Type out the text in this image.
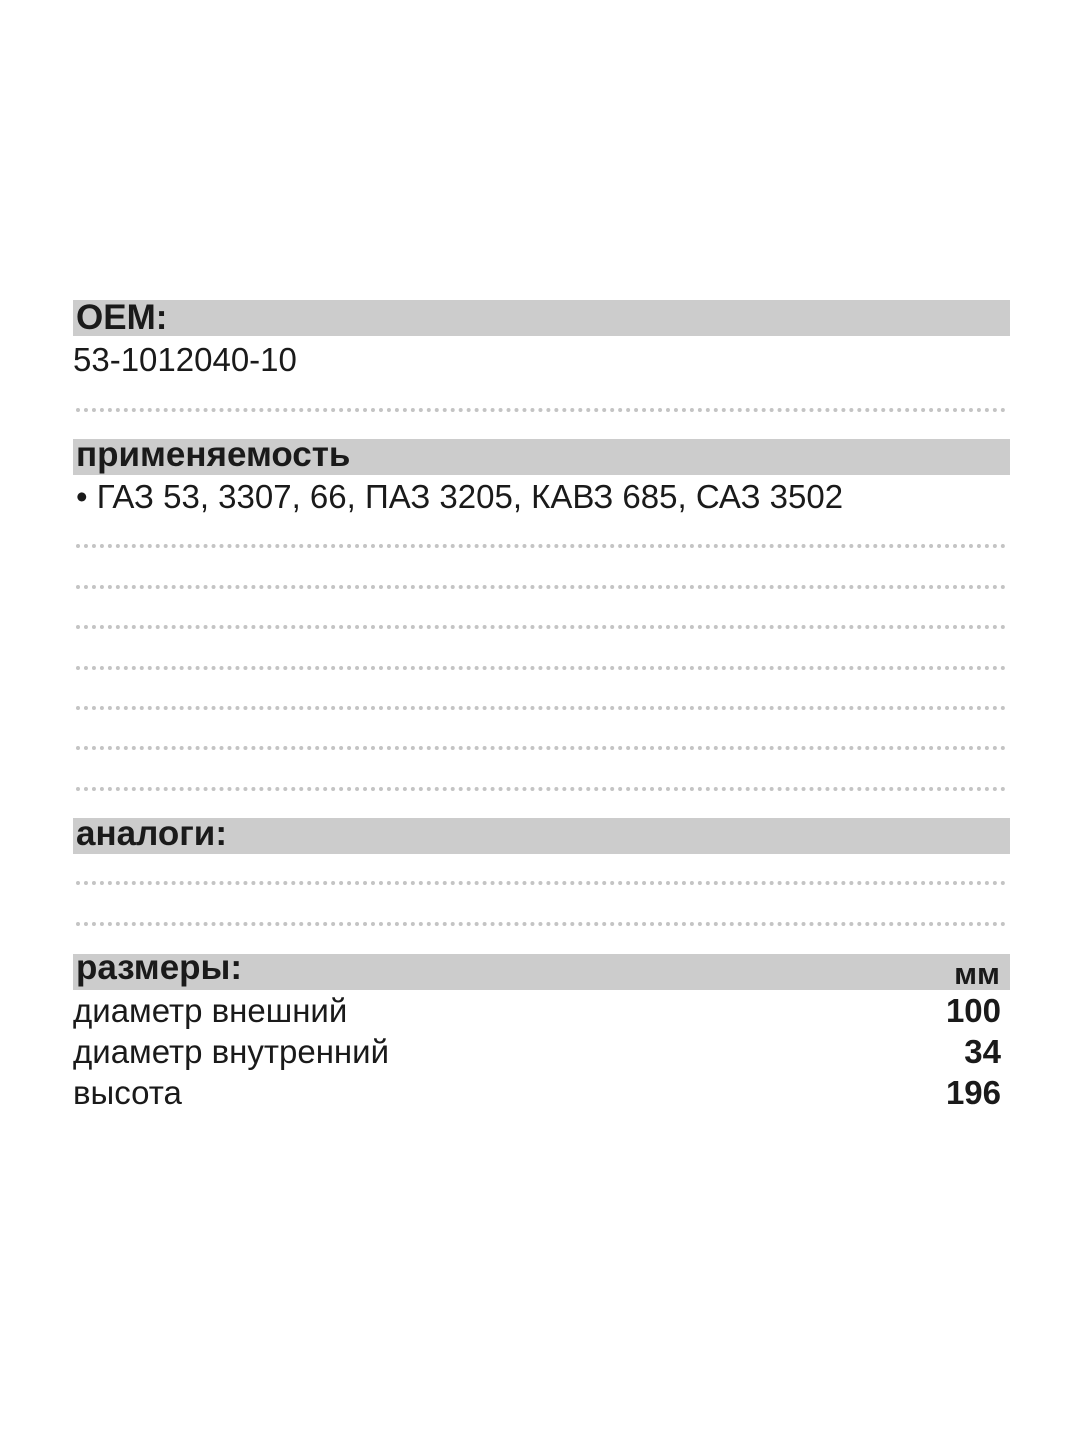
OEM:
53-1012040-10
применяемость
• ГАЗ 53, 3307, 66, ПАЗ 3205, КАВЗ 685, САЗ 3502
аналоги:
размеры:	мм
диаметр внешний	100
диаметр внутренний	34
высота	196
